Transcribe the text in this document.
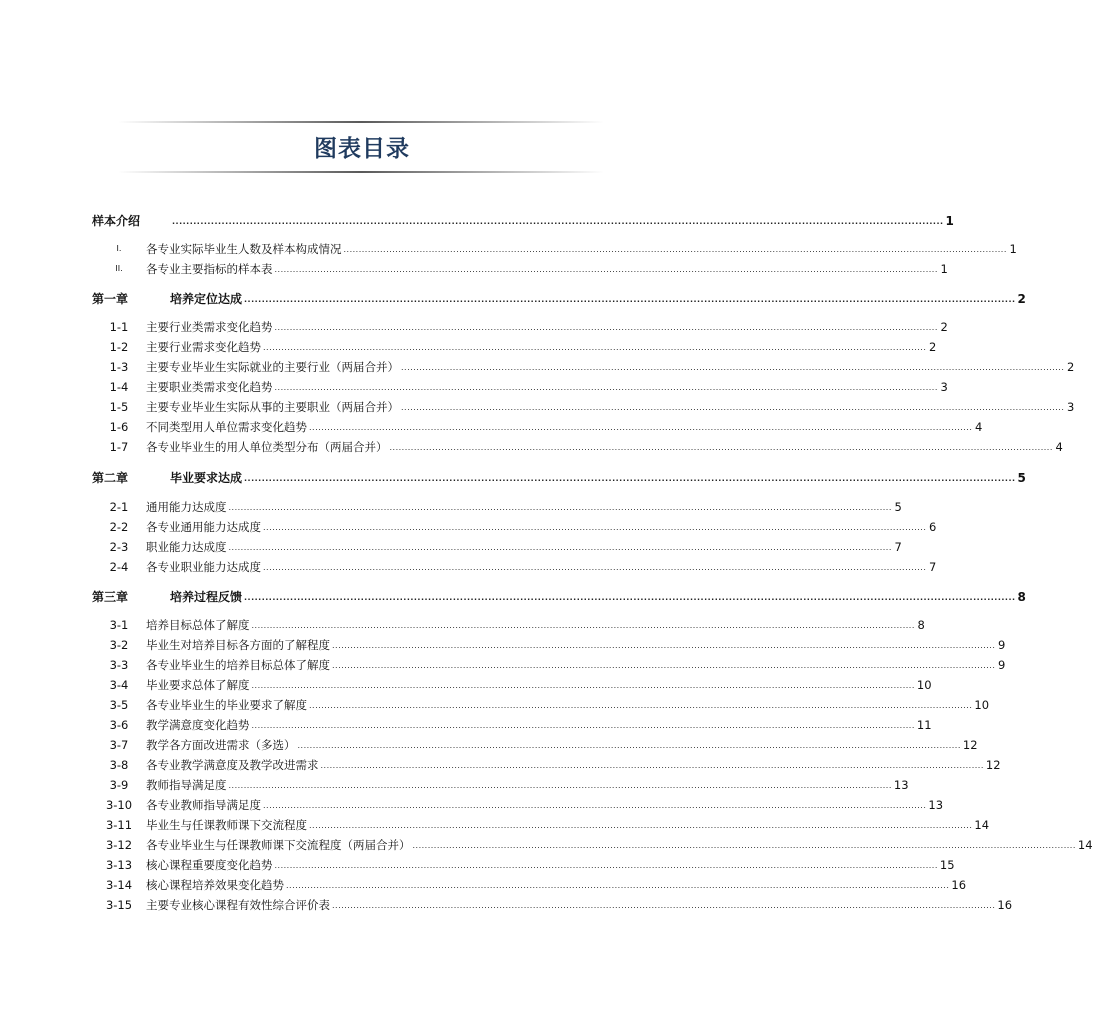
图表目录
样本介绍	.......................................................................................................................................................................................................................... 1
I.	各专业实际毕业生人数及样本构成情况 .......................................................................................................................................................................................................................... 1
II.	各专业主要指标的样本表 .......................................................................................................................................................................................................................... 1
第一章	培养定位达成 .......................................................................................................................................................................................................................... 2
1-1	主要行业类需求变化趋势 .......................................................................................................................................................................................................................... 2
1-2	主要行业需求变化趋势 .......................................................................................................................................................................................................................... 2
1-3	主要专业毕业生实际就业的主要行业（两届合并） .......................................................................................................................................................................................................................... 2
1-4	主要职业类需求变化趋势 .......................................................................................................................................................................................................................... 3
1-5	主要专业毕业生实际从事的主要职业（两届合并） .......................................................................................................................................................................................................................... 3
1-6	不同类型用人单位需求变化趋势 .......................................................................................................................................................................................................................... 4
1-7	各专业毕业生的用人单位类型分布（两届合并） .......................................................................................................................................................................................................................... 4
第二章	毕业要求达成 .......................................................................................................................................................................................................................... 5
2-1	通用能力达成度 .......................................................................................................................................................................................................................... 5
2-2	各专业通用能力达成度 .......................................................................................................................................................................................................................... 6
2-3	职业能力达成度 .......................................................................................................................................................................................................................... 7
2-4	各专业职业能力达成度 .......................................................................................................................................................................................................................... 7
第三章	培养过程反馈 .......................................................................................................................................................................................................................... 8
3-1	培养目标总体了解度 .......................................................................................................................................................................................................................... 8
3-2	毕业生对培养目标各方面的了解程度 .......................................................................................................................................................................................................................... 9
3-3	各专业毕业生的培养目标总体了解度 .......................................................................................................................................................................................................................... 9
3-4	毕业要求总体了解度 .......................................................................................................................................................................................................................... 10
3-5	各专业毕业生的毕业要求了解度 .......................................................................................................................................................................................................................... 10
3-6	教学满意度变化趋势 .......................................................................................................................................................................................................................... 11
3-7	教学各方面改进需求（多选） .......................................................................................................................................................................................................................... 12
3-8	各专业教学满意度及教学改进需求 .......................................................................................................................................................................................................................... 12
3-9	教师指导满足度 .......................................................................................................................................................................................................................... 13
3-10	各专业教师指导满足度 .......................................................................................................................................................................................................................... 13
3-11	毕业生与任课教师课下交流程度 .......................................................................................................................................................................................................................... 14
3-12	各专业毕业生与任课教师课下交流程度（两届合并） .......................................................................................................................................................................................................................... 14
3-13	核心课程重要度变化趋势 .......................................................................................................................................................................................................................... 15
3-14	核心课程培养效果变化趋势 .......................................................................................................................................................................................................................... 16
3-15	主要专业核心课程有效性综合评价表 .......................................................................................................................................................................................................................... 16
